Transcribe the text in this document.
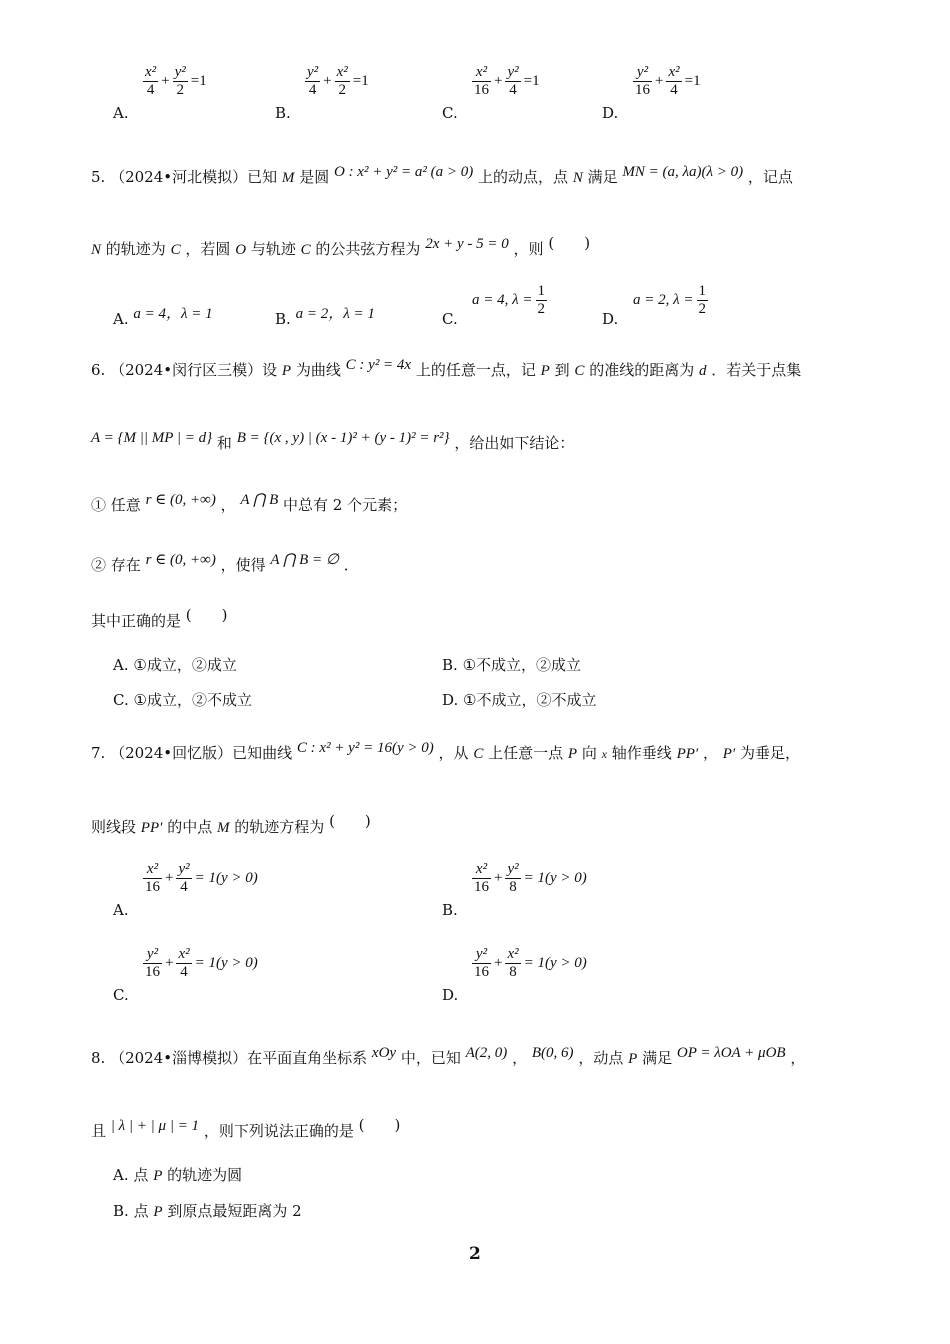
A.
$\frac{\text{x²}}{4} + \frac{\text{y²}}{2} =1$
B.
$\frac{\text{y²}}{4} + \frac{\text{x²}}{2} =1$
C.
$\frac{\text{x²}}{16} + \frac{\text{y²}}{4} =1$
D.
$\frac{\text{y²}}{16} + \frac{\text{x²}}{4} =1$
5. （2024•河北模拟）已知 M 是圆 O : x² + y² = a² (a > 0) 上的动点，点 N 满足 MN = (a, λa)(λ > 0) ，记点
N 的轨迹为 C ，若圆 O 与轨迹 C 的公共弦方程为 2x + y - 5 = 0 ，则 (　　)
A. a = 4，λ = 1	B. a = 2，λ = 1	C.
a = 4, $\lambda = \frac{1}{2}$
D.
a = 2, $\lambda = \frac{1}{2}$
6. （2024•闵行区三模）设 P 为曲线 C : y² = 4x 上的任意一点，记 P 到 C 的准线的距离为 d ．若关于点集
A = {M || MP | = d} 和 B = {(x , y) | (x - 1)² + (y - 1)² = r²} ，给出如下结论：
① 任意 r ∈ (0, +∞) ， A ⋂ B 中总有 2 个元素；
② 存在 r ∈ (0, +∞) ，使得 A ⋂ B = ∅ ．
其中正确的是 (　　)
A. ①成立，②成立	B. ①不成立，②成立
C. ①成立，②不成立	D. ①不成立，②不成立
7. （2024•回忆版）已知曲线 C : x² + y² = 16(y > 0) ，从 C 上任意一点 P 向 x 轴作垂线 PP′ ， P′ 为垂足，
则线段 PP′ 的中点 M 的轨迹方程为 (　　)
A.
$\frac{\text{x²}}{16} + \frac{\text{y²}}{4} = 1(y > 0)$
B.
$\frac{\text{x²}}{16} + \frac{\text{y²}}{8} = 1(y > 0)$
C.
$\frac{\text{y²}}{16} + \frac{\text{x²}}{4} = 1(y > 0)$
D.
$\frac{\text{y²}}{16} + \frac{\text{x²}}{8} = 1(y > 0)$
8. （2024•淄博模拟）在平面直角坐标系 xOy 中，已知 A(2, 0) ， B(0, 6) ，动点 P 满足 OP = λOA + μOB ，
且 | λ | + | μ | = 1 ，则下列说法正确的是 (　　)
A. 点 P 的轨迹为圆
B. 点 P 到原点最短距离为 2
2
